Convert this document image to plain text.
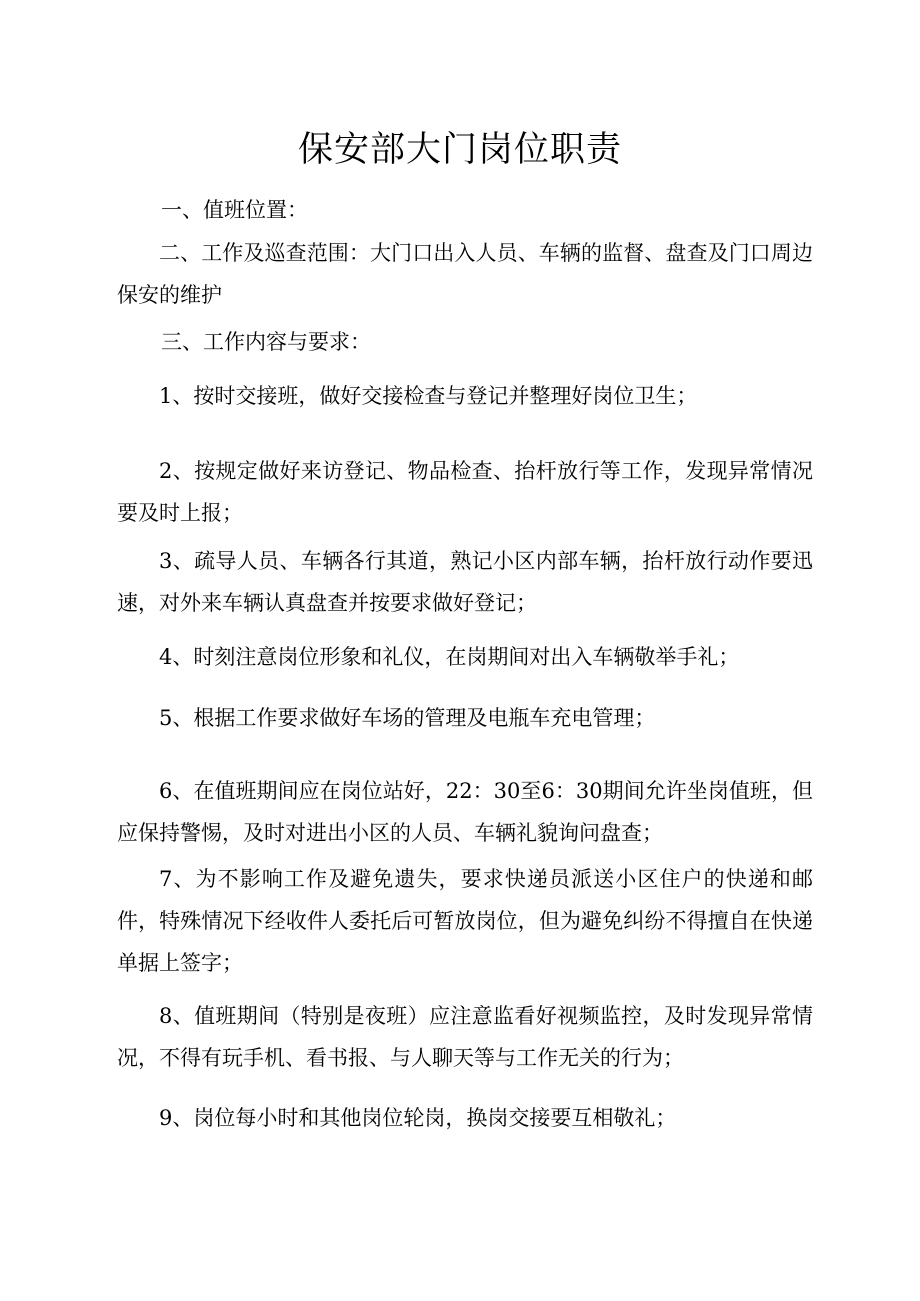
保安部大门岗位职责
一、值班位置：
二、工作及巡查范围：大门口出入人员、车辆的监督、盘查及门口周边保安的维护
三、工作内容与要求：
1、按时交接班，做好交接检查与登记并整理好岗位卫生；
2、按规定做好来访登记、物品检查、抬杆放行等工作，发现异常情况要及时上报；
3、疏导人员、车辆各行其道，熟记小区内部车辆，抬杆放行动作要迅速，对外来车辆认真盘查并按要求做好登记；
4、时刻注意岗位形象和礼仪，在岗期间对出入车辆敬举手礼；
5、根据工作要求做好车场的管理及电瓶车充电管理；
6、在值班期间应在岗位站好，22：30至6：30期间允许坐岗值班，但应保持警惕，及时对进出小区的人员、车辆礼貌询问盘查；
7、为不影响工作及避免遗失，要求快递员派送小区住户的快递和邮件，特殊情况下经收件人委托后可暂放岗位，但为避免纠纷不得擅自在快递单据上签字；
8、值班期间（特别是夜班）应注意监看好视频监控，及时发现异常情况，不得有玩手机、看书报、与人聊天等与工作无关的行为；
9、岗位每小时和其他岗位轮岗，换岗交接要互相敬礼；
